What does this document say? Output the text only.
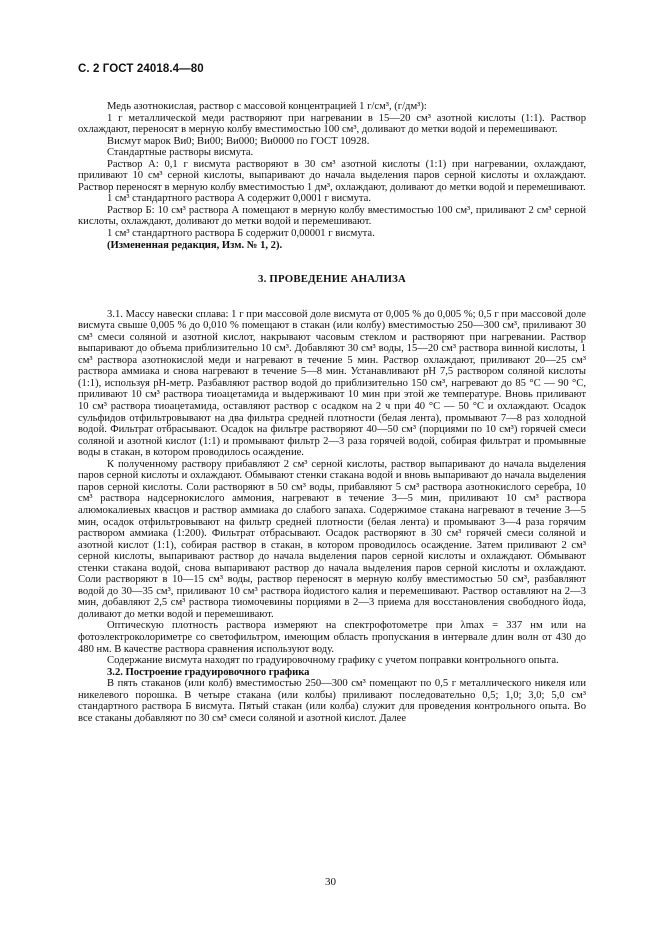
С. 2 ГОСТ 24018.4—80

Медь азотнокислая, раствор с массовой концентрацией 1 г/см³, (г/дм³):

1 г металлической меди растворяют при нагревании в 15—20 см³ азотной кислоты (1:1). Раствор охлаждают, переносят в мерную колбу вместимостью 100 см³, доливают до метки водой и перемешивают.

Висмут марок Ви0; Ви00; Ви000; Ви0000 по ГОСТ 10928.

Стандартные растворы висмута.

Раствор А: 0,1 г висмута растворяют в 30 см³ азотной кислоты (1:1) при нагревании, охлаждают, приливают 10 см³ серной кислоты, выпаривают до начала выделения паров серной кислоты и охлаждают. Раствор переносят в мерную колбу вместимостью 1 дм³, охлаждают, доливают до метки водой и перемешивают.

1 см³ стандартного раствора А содержит 0,0001 г висмута.

Раствор Б: 10 см³ раствора А помещают в мерную колбу вместимостью 100 см³, приливают 2 см³ серной кислоты, охлаждают, доливают до метки водой и перемешивают.

1 см³ стандартного раствора Б содержит 0,00001 г висмута.

(Измененная редакция, Изм. № 1, 2).

3. ПРОВЕДЕНИЕ АНАЛИЗА

3.1. Массу навески сплава: 1 г при массовой доле висмута от 0,005 % до 0,005 %; 0,5 г при массовой доле висмута свыше 0,005 % до 0,010 % помещают в стакан (или колбу) вместимостью 250—300 см³, приливают 30 см³ смеси соляной и азотной кислот, накрывают часовым стеклом и растворяют при нагревании. Раствор выпаривают до объема приблизительно 10 см³. Добавляют 30 см³ воды, 15—20 см³ раствора винной кислоты, 1 см³ раствора азотнокислой меди и нагревают в течение 5 мин. Раствор охлаждают, приливают 20—25 см³ раствора аммиака и снова нагревают в течение 5—8 мин. Устанавливают pH 7,5 раствором соляной кислоты (1:1), используя pH-метр. Разбавляют раствор водой до приблизительно 150 см³, нагревают до 85 °С — 90 °С, приливают 10 см³ раствора тиоацетамида и выдерживают 10 мин при этой же температуре. Вновь приливают 10 см³ раствора тиоацетамида, оставляют раствор с осадком на 2 ч при 40 °С — 50 °С и охлаждают. Осадок сульфидов отфильтровывают на два фильтра средней плотности (белая лента), промывают 7—8 раз холодной водой. Фильтрат отбрасывают. Осадок на фильтре растворяют 40—50 см³ (порциями по 10 см³) горячей смеси соляной и азотной кислот (1:1) и промывают фильтр 2—3 раза горячей водой, собирая фильтрат и промывные воды в стакан, в котором проводилось осаждение.

К полученному раствору прибавляют 2 см³ серной кислоты, раствор выпаривают до начала выделения паров серной кислоты и охлаждают. Обмывают стенки стакана водой и вновь выпаривают до начала выделения паров серной кислоты. Соли растворяют в 50 см³ воды, прибавляют 5 см³ раствора азотнокислого серебра, 10 см³ раствора надсернокислого аммония, нагревают в течение 3—5 мин, приливают 10 см³ раствора алюмокалиевых квасцов и раствор аммиака до слабого запаха. Содержимое стакана нагревают в течение 3—5 мин, осадок отфильтровывают на фильтр средней плотности (белая лента) и промывают 3—4 раза горячим раствором аммиака (1:200). Фильтрат отбрасывают. Осадок растворяют в 30 см³ горячей смеси соляной и азотной кислот (1:1), собирая раствор в стакан, в котором проводилось осаждение. Затем приливают 2 см³ серной кислоты, выпаривают раствор до начала выделения паров серной кислоты и охлаждают. Обмывают стенки стакана водой, снова выпаривают раствор до начала выделения паров серной кислоты и охлаждают. Соли растворяют в 10—15 см³ воды, раствор переносят в мерную колбу вместимостью 50 см³, разбавляют водой до 30—35 см³, приливают 10 см³ раствора йодистого калия и перемешивают. Раствор оставляют на 2—3 мин, добавляют 2,5 см³ раствора тиомочевины порциями в 2—3 приема для восстановления свободного йода, доливают до метки водой и перемешивают.

Оптическую плотность раствора измеряют на спектрофотометре при λmax = 337 нм или на фотоэлектроколориметре со светофильтром, имеющим область пропускания в интервале длин волн от 430 до 480 нм. В качестве раствора сравнения используют воду.

Содержание висмута находят по градуировочному графику с учетом поправки контрольного опыта.

3.2. Построение градуировочного графика

В пять стаканов (или колб) вместимостью 250—300 см³ помещают по 0,5 г металлического никеля или никелевого порошка. В четыре стакана (или колбы) приливают последовательно 0,5; 1,0; 3,0; 5,0 см³ стандартного раствора Б висмута. Пятый стакан (или колба) служит для проведения контрольного опыта. Во все стаканы добавляют по 30 см³ смеси соляной и азотной кислот. Далее

30
